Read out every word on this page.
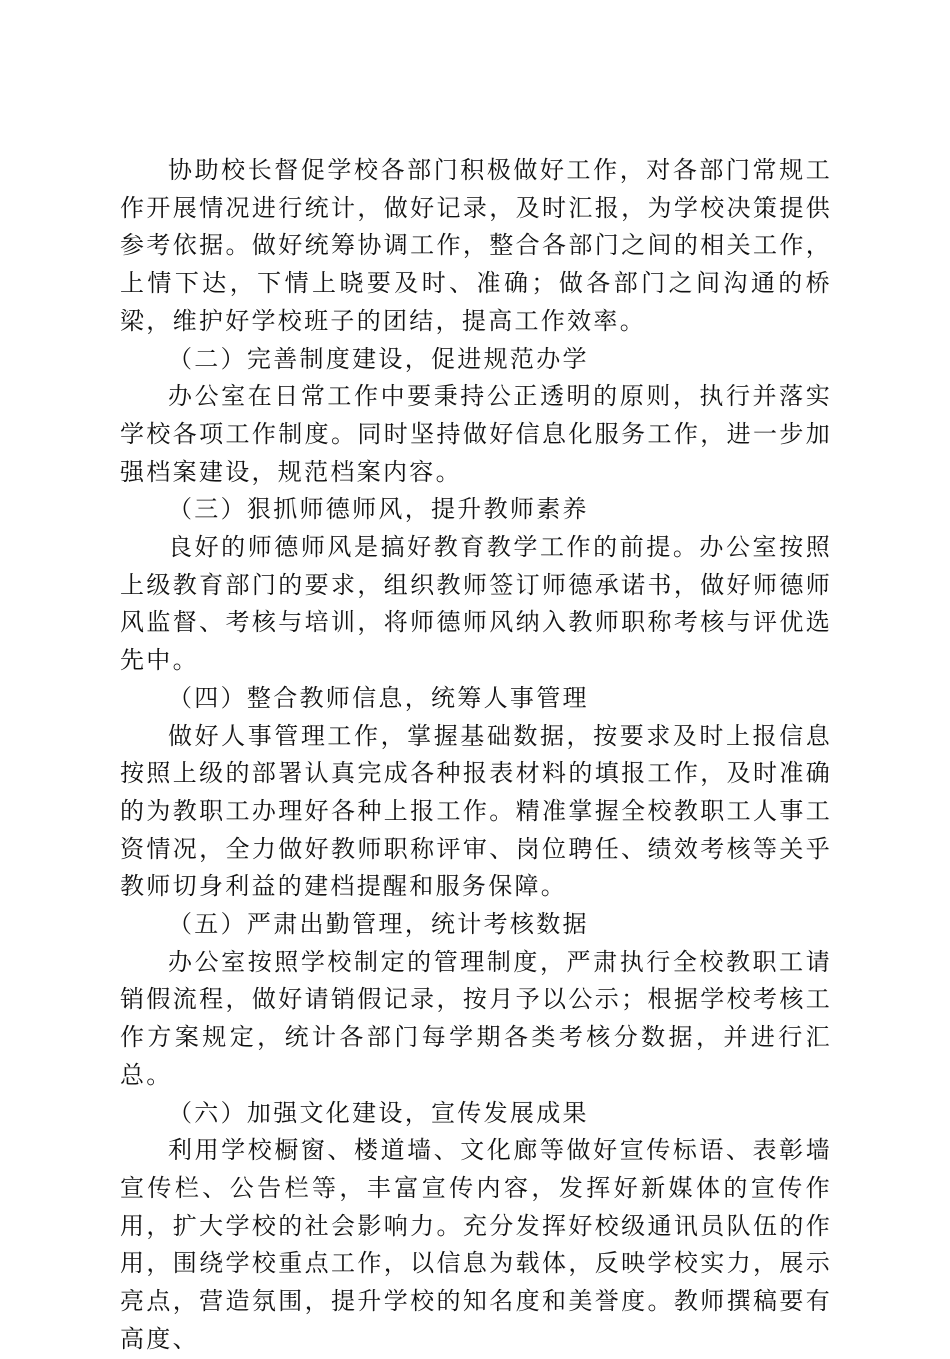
协助校长督促学校各部门积极做好工作，对各部门常规工作开展情况进行统计，做好记录，及时汇报，为学校决策提供参考依据。做好统筹协调工作，整合各部门之间的相关工作，上情下达，下情上晓要及时、准确；做各部门之间沟通的桥梁，维护好学校班子的团结，提高工作效率。

（二）完善制度建设，促进规范办学

办公室在日常工作中要秉持公正透明的原则，执行并落实学校各项工作制度。同时坚持做好信息化服务工作，进一步加强档案建设，规范档案内容。

（三）狠抓师德师风，提升教师素养

良好的师德师风是搞好教育教学工作的前提。办公室按照上级教育部门的要求，组织教师签订师德承诺书，做好师德师风监督、考核与培训，将师德师风纳入教师职称考核与评优选先中。

（四）整合教师信息，统筹人事管理

做好人事管理工作，掌握基础数据，按要求及时上报信息按照上级的部署认真完成各种报表材料的填报工作，及时准确的为教职工办理好各种上报工作。精准掌握全校教职工人事工资情况，全力做好教师职称评审、岗位聘任、绩效考核等关乎教师切身利益的建档提醒和服务保障。

（五）严肃出勤管理，统计考核数据

办公室按照学校制定的管理制度，严肃执行全校教职工请销假流程，做好请销假记录，按月予以公示；根据学校考核工作方案规定，统计各部门每学期各类考核分数据，并进行汇总。

（六）加强文化建设，宣传发展成果

利用学校橱窗、楼道墙、文化廊等做好宣传标语、表彰墙宣传栏、公告栏等，丰富宣传内容，发挥好新媒体的宣传作用，扩大学校的社会影响力。充分发挥好校级通讯员队伍的作用，围绕学校重点工作，以信息为载体，反映学校实力，展示亮点，营造氛围，提升学校的知名度和美誉度。教师撰稿要有高度、
